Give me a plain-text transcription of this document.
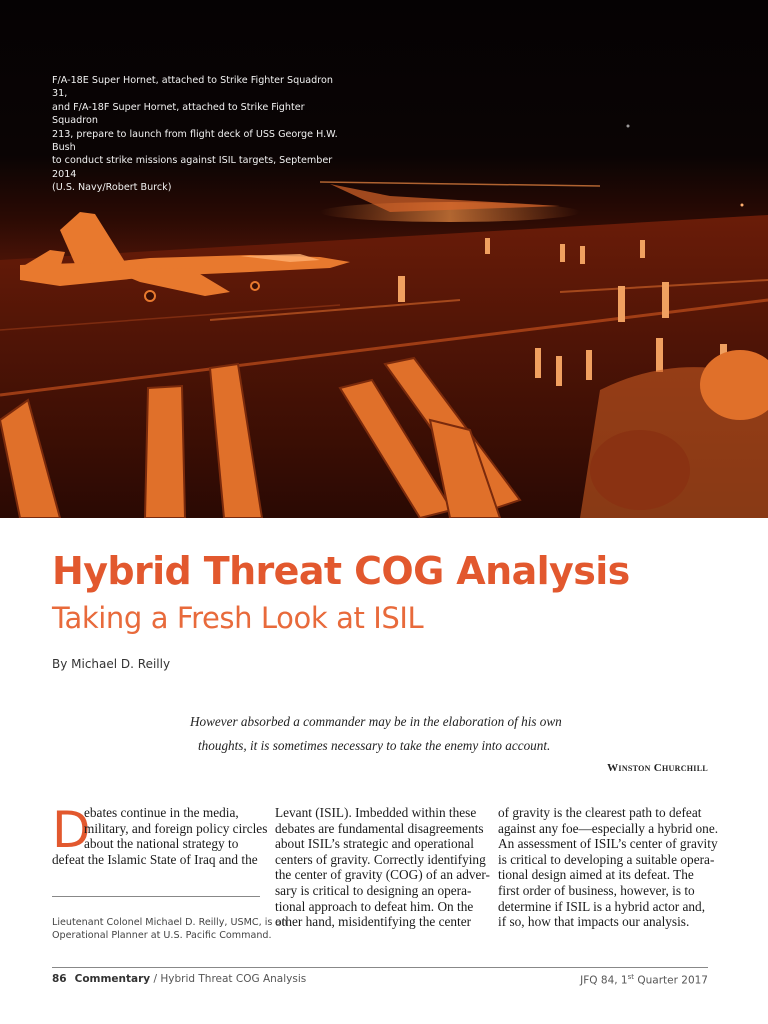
F/A-18E Super Hornet, attached to Strike Fighter Squadron 31,
and F/A-18F Super Hornet, attached to Strike Fighter Squadron
213, prepare to launch from flight deck of USS George H.W. Bush
to conduct strike missions against ISIL targets, September 2014
(U.S. Navy/Robert Burck)
Hybrid Threat COG Analysis
Taking a Fresh Look at ISIL
By Michael D. Reilly
However absorbed a commander may be in the elaboration of his own
thoughts, it is sometimes necessary to take the enemy into account.
Winston Churchill
D
ebates continue in the media,
military, and foreign policy circles
about the national strategy to
defeat the Islamic State of Iraq and the
Levant (ISIL). Imbedded within these
debates are fundamental disagreements
about ISIL’s strategic and operational
centers of gravity. Correctly identifying
the center of gravity (COG) of an adver-
sary is critical to designing an opera-
tional approach to defeat him. On the
other hand, misidentifying the center
of gravity is the clearest path to defeat
against any foe—especially a hybrid one.
An assessment of ISIL’s center of gravity
is critical to developing a suitable opera-
tional design aimed at its defeat. The
first order of business, however, is to
determine if ISIL is a hybrid actor and,
if so, how that impacts our analysis.
Lieutenant Colonel Michael D. Reilly, USMC, is an
Operational Planner at U.S. Pacific Command.
86 Commentary / Hybrid Threat COG Analysis	JFQ 84, 1st Quarter 2017
